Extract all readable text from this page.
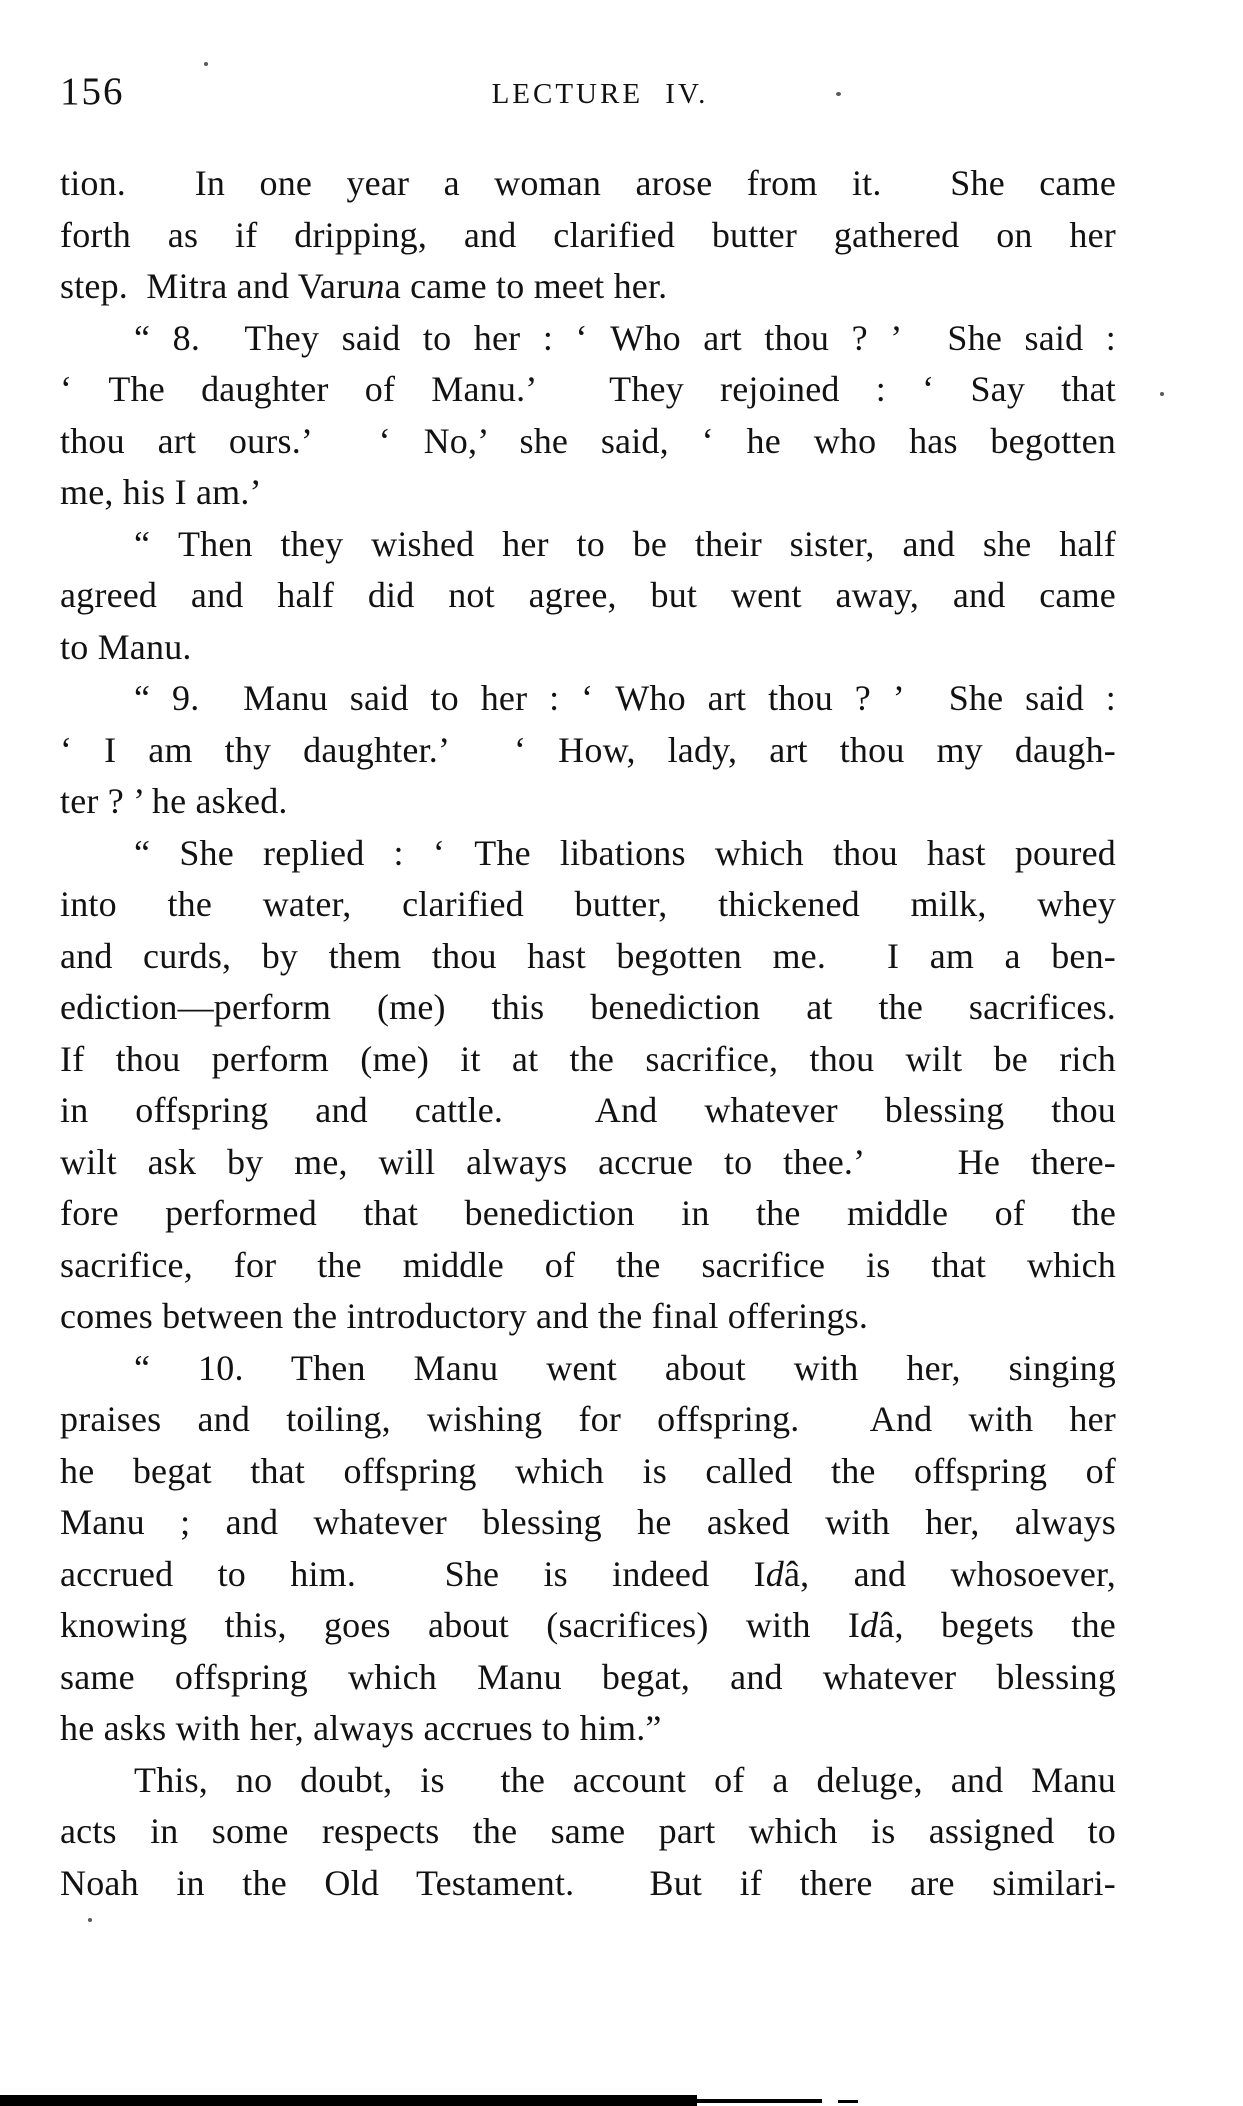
156	LECTURE IV.
tion.  In one year a woman arose from it.  She came
forth as if dripping, and clarified butter gathered on her
step.  Mitra and Varuna came to meet her.
“ 8.  They said to her : ‘ Who art thou ? ’  She said :
‘ The daughter of Manu.’  They rejoined : ‘ Say that
thou art ours.’  ‘ No,’ she said, ‘ he who has begotten
me, his I am.’
“ Then they wished her to be their sister, and she half
agreed and half did not agree, but went away, and came
to Manu.
“ 9.  Manu said to her : ‘ Who art thou ? ’  She said :
‘ I am thy daughter.’  ‘ How, lady, art thou my daugh-
ter ? ’ he asked.
“ She replied : ‘ The libations which thou hast poured
into the water, clarified butter, thickened milk, whey
and curds, by them thou hast begotten me.  I am a ben-
ediction—perform (me) this benediction at the sacrifices.
If thou perform (me) it at the sacrifice, thou wilt be rich
in offspring and cattle.  And whatever blessing thou
wilt ask by me, will always accrue to thee.’   He there-
fore performed that benediction in the middle of the
sacrifice, for the middle of the sacrifice is that which
comes between the introductory and the final offerings.
“ 10. Then Manu went about with her, singing
praises and toiling, wishing for offspring.  And with her
he begat that offspring which is called the offspring of
Manu ; and whatever blessing he asked with her, always
accrued to him.  She is indeed Idâ, and whosoever,
knowing this, goes about (sacrifices) with Idâ, begets the
same offspring which Manu begat, and whatever blessing
he asks with her, always accrues to him.”
This, no doubt, is  the account of a deluge, and Manu
acts in some respects the same part which is assigned to
Noah in the Old Testament.  But if there are similari-
